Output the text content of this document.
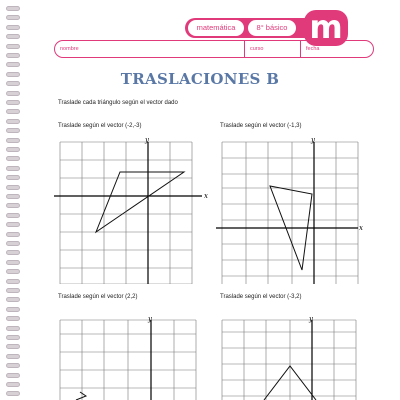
matemática	8° básico m
nombre	curso	fecha
TRASLACIONES B
Traslade cada triángulo según el vector dado
Traslade según el vector (-2,-3)	Traslade según el vector (-1,3)
Traslade según el vector (2,2)	Traslade según el vector (-3,2)
x
y
x
y
y	y
